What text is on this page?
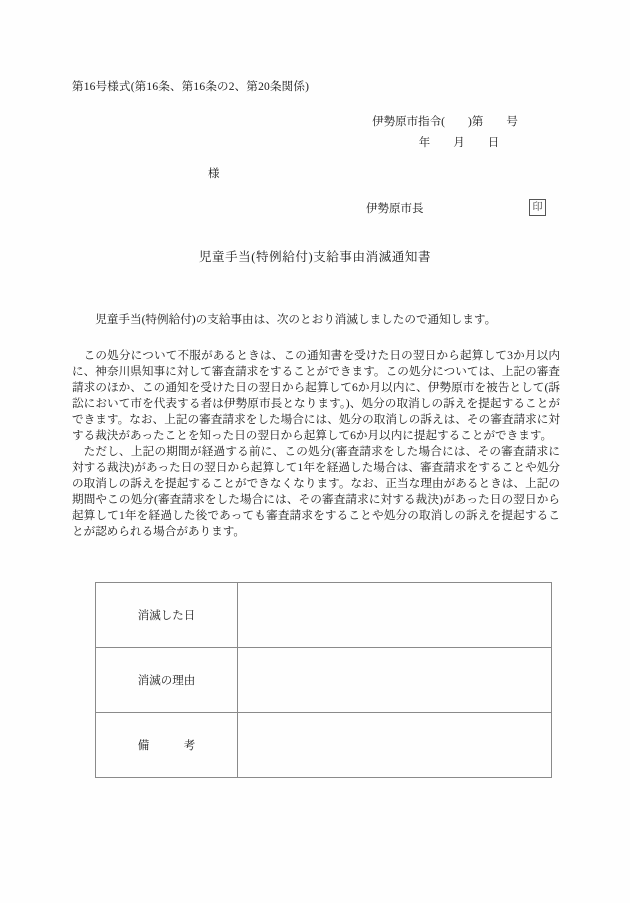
第16号様式(第16条、第16条の2、第20条関係)
伊勢原市指令(　　)第　　号
年　　月　　日
様
伊勢原市長	印
児童手当(特例給付)支給事由消滅通知書

児童手当(特例給付)の支給事由は、次のとおり消滅しましたので通知します。

この処分について不服があるときは、この通知書を受けた日の翌日から起算して3か月以内に、神奈川県知事に対して審査請求をすることができます。この処分については、上記の審査請求のほか、この通知を受けた日の翌日から起算して6か月以内に、伊勢原市を被告として(訴訟において市を代表する者は伊勢原市長となります。)、処分の取消しの訴えを提起することができます。なお、上記の審査請求をした場合には、処分の取消しの訴えは、その審査請求に対する裁決があったことを知った日の翌日から起算して6か月以内に提起することができます。

ただし、上記の期間が経過する前に、この処分(審査請求をした場合には、その審査請求に対する裁決)があった日の翌日から起算して1年を経過した場合は、審査請求をすることや処分の取消しの訴えを提起することができなくなります。なお、正当な理由があるときは、上記の期間やこの処分(審査請求をした場合には、その審査請求に対する裁決)があった日の翌日から起算して1年を経過した後であっても審査請求をすることや処分の取消しの訴えを提起することが認められる場合があります。

消滅した日	
消滅の理由	
備　　　考	
